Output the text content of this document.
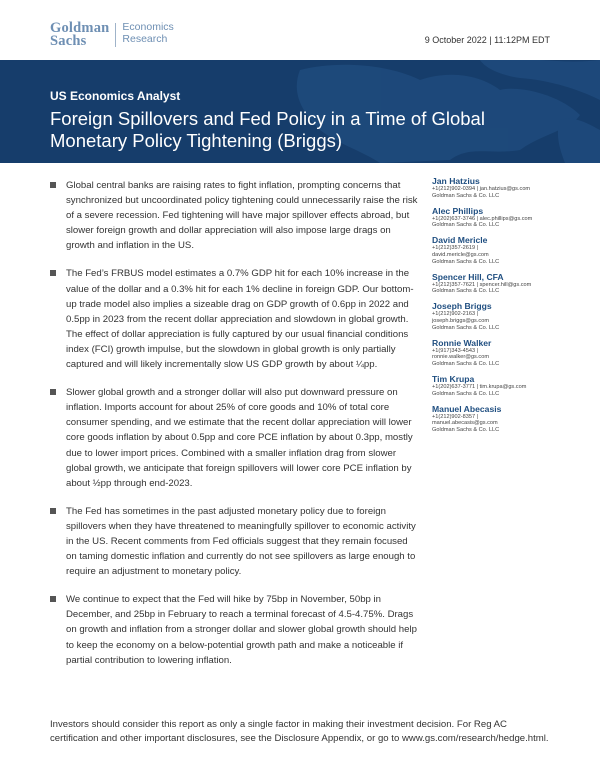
Goldman
Sachs
Economics
Research	9 October 2022 | 11:12PM EDT
US Economics Analyst
Foreign Spillovers and Fed Policy in a Time of Global Monetary Policy Tightening (Briggs)
Global central banks are raising rates to fight inflation, prompting concerns that synchronized but uncoordinated policy tightening could unnecessarily raise the risk of a severe recession. Fed tightening will have major spillover effects abroad, but slower foreign growth and dollar appreciation will also impose large drags on growth and inflation in the US.
The Fed’s FRBUS model estimates a 0.7% GDP hit for each 10% increase in the value of the dollar and a 0.3% hit for each 1% decline in foreign GDP. Our bottom-up trade model also implies a sizeable drag on GDP growth of 0.6pp in 2022 and 0.5pp in 2023 from the recent dollar appreciation and slowdown in global growth. The effect of dollar appreciation is fully captured by our usual financial conditions index (FCI) growth impulse, but the slowdown in global growth is only partially captured and will likely incrementally slow US GDP growth by about ¼pp.
Slower global growth and a stronger dollar will also put downward pressure on inflation. Imports account for about 25% of core goods and 10% of total core consumer spending, and we estimate that the recent dollar appreciation will lower core goods inflation by about 0.5pp and core PCE inflation by about 0.3pp, mostly due to lower import prices. Combined with a smaller inflation drag from slower global growth, we anticipate that foreign spillovers will lower core PCE inflation by about ½pp through end-2023.
The Fed has sometimes in the past adjusted monetary policy due to foreign spillovers when they have threatened to meaningfully spillover to economic activity in the US. Recent comments from Fed officials suggest that they remain focused on taming domestic inflation and currently do not see spillovers as large enough to require an adjustment to monetary policy.
We continue to expect that the Fed will hike by 75bp in November, 50bp in December, and 25bp in February to reach a terminal forecast of 4.5-4.75%. Drags on growth and inflation from a stronger dollar and slower global growth should help to keep the economy on a below-potential growth path and make a noticeable if partial contribution to lowering inflation.
Jan Hatzius
+1(212)902-0394 | jan.hatzius@gs.com
Goldman Sachs & Co. LLC
Alec Phillips
+1(202)637-3746 | alec.phillips@gs.com
Goldman Sachs & Co. LLC
David Mericle
+1(212)357-2619 |
david.mericle@gs.com
Goldman Sachs & Co. LLC
Spencer Hill, CFA
+1(212)357-7621 | spencer.hill@gs.com
Goldman Sachs & Co. LLC
Joseph Briggs
+1(212)902-2163 |
joseph.briggs@gs.com
Goldman Sachs & Co. LLC
Ronnie Walker
+1(917)343-4543 |
ronnie.walker@gs.com
Goldman Sachs & Co. LLC
Tim Krupa
+1(202)637-3771 | tim.krupa@gs.com
Goldman Sachs & Co. LLC
Manuel Abecasis
+1(212)902-8357 |
manuel.abecasis@gs.com
Goldman Sachs & Co. LLC
Investors should consider this report as only a single factor in making their investment decision. For Reg AC certification and other important disclosures, see the Disclosure Appendix, or go to www.gs.com/research/hedge.html.
